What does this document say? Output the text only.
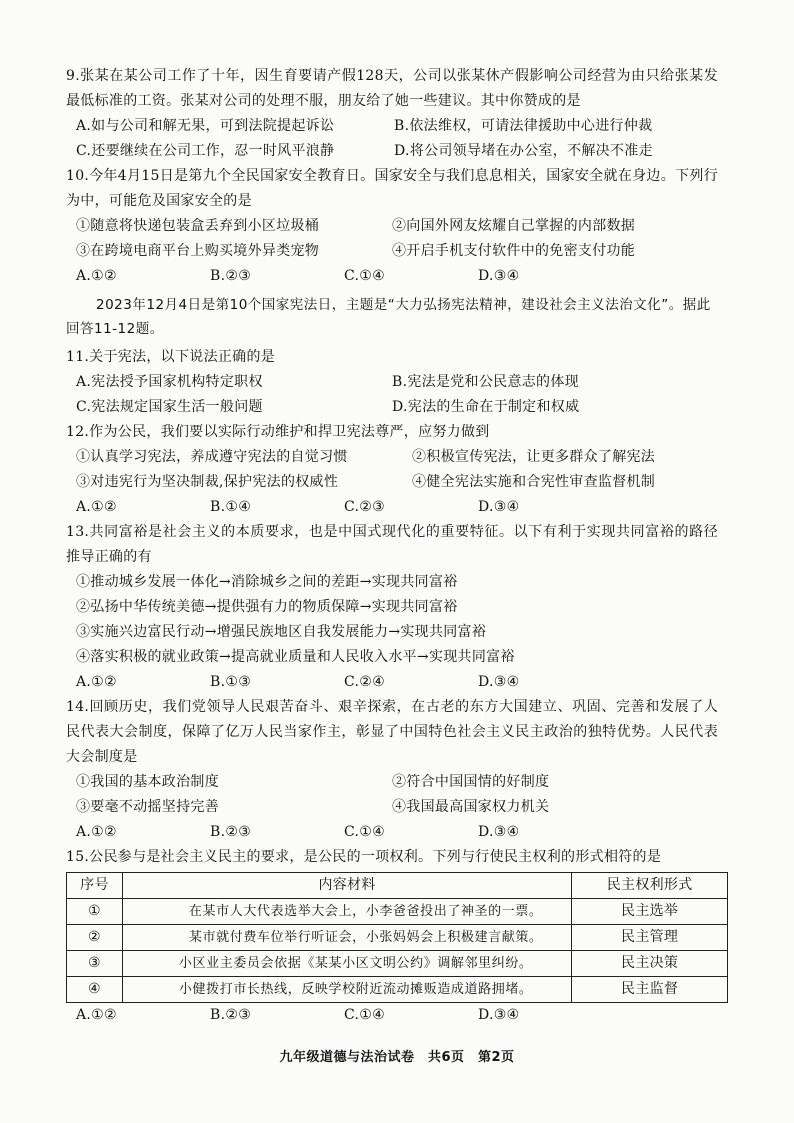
9.张某在某公司工作了十年，因生育要请产假128天，公司以张某休产假影响公司经营为由只给张某发最低标准的工资。张某对公司的处理不服，朋友给了她一些建议。其中你赞成的是
A.如与公司和解无果，可到法院提起诉讼	B.依法维权，可请法律援助中心进行仲裁
C.还要继续在公司工作，忍一时风平浪静	D.将公司领导堵在办公室，不解决不准走
10.今年4月15日是第九个全民国家安全教育日。国家安全与我们息息相关，国家安全就在身边。下列行为中，可能危及国家安全的是
①随意将快递包装盒丢弃到小区垃圾桶	②向国外网友炫耀自己掌握的内部数据
③在跨境电商平台上购买境外异类宠物	④开启手机支付软件中的免密支付功能
A.①②	B.②③	C.①④	D.③④
2023年12月4日是第10个国家宪法日，主题是“大力弘扬宪法精神，建设社会主义法治文化”。据此回答11-12题。
11.关于宪法，以下说法正确的是
A.宪法授予国家机构特定职权	B.宪法是党和公民意志的体现
C.宪法规定国家生活一般问题	D.宪法的生命在于制定和权威
12.作为公民，我们要以实际行动维护和捍卫宪法尊严，应努力做到
①认真学习宪法，养成遵守宪法的自觉习惯	②积极宣传宪法，让更多群众了解宪法
③对违宪行为坚决制裁,保护宪法的权威性	④健全宪法实施和合宪性审查监督机制
A.①②	B.①④	C.②③	D.③④
13.共同富裕是社会主义的本质要求，也是中国式现代化的重要特征。以下有利于实现共同富裕的路径推导正确的有
①推动城乡发展一体化→消除城乡之间的差距→实现共同富裕
②弘扬中华传统美德→提供强有力的物质保障→实现共同富裕
③实施兴边富民行动→增强民族地区自我发展能力→实现共同富裕
④落实积极的就业政策→提高就业质量和人民收入水平→实现共同富裕
A.①②	B.①③	C.②④	D.③④
14.回顾历史，我们党领导人民艰苦奋斗、艰辛探索，在古老的东方大国建立、巩固、完善和发展了人民代表大会制度，保障了亿万人民当家作主，彰显了中国特色社会主义民主政治的独特优势。人民代表大会制度是
①我国的基本政治制度	②符合中国国情的好制度
③要毫不动摇坚持完善	④我国最高国家权力机关
A.①②	B.②③	C.①④	D.③④
15.公民参与是社会主义民主的要求，是公民的一项权利。下列与行使民主权利的形式相符的是
序号	内容材料	民主权利形式
①	在某市人大代表选举大会上，小李爸爸投出了神圣的一票。	民主选举
②	某市就付费车位举行听证会，小张妈妈会上积极建言献策。	民主管理
③	小区业主委员会依据《某某小区文明公约》调解邻里纠纷。	民主决策
④	小健拨打市长热线，反映学校附近流动摊贩造成道路拥堵。	民主监督
A.①②	B.②③	C.①④	D.③④
九年级道德与法治试卷　共6页　第2页
